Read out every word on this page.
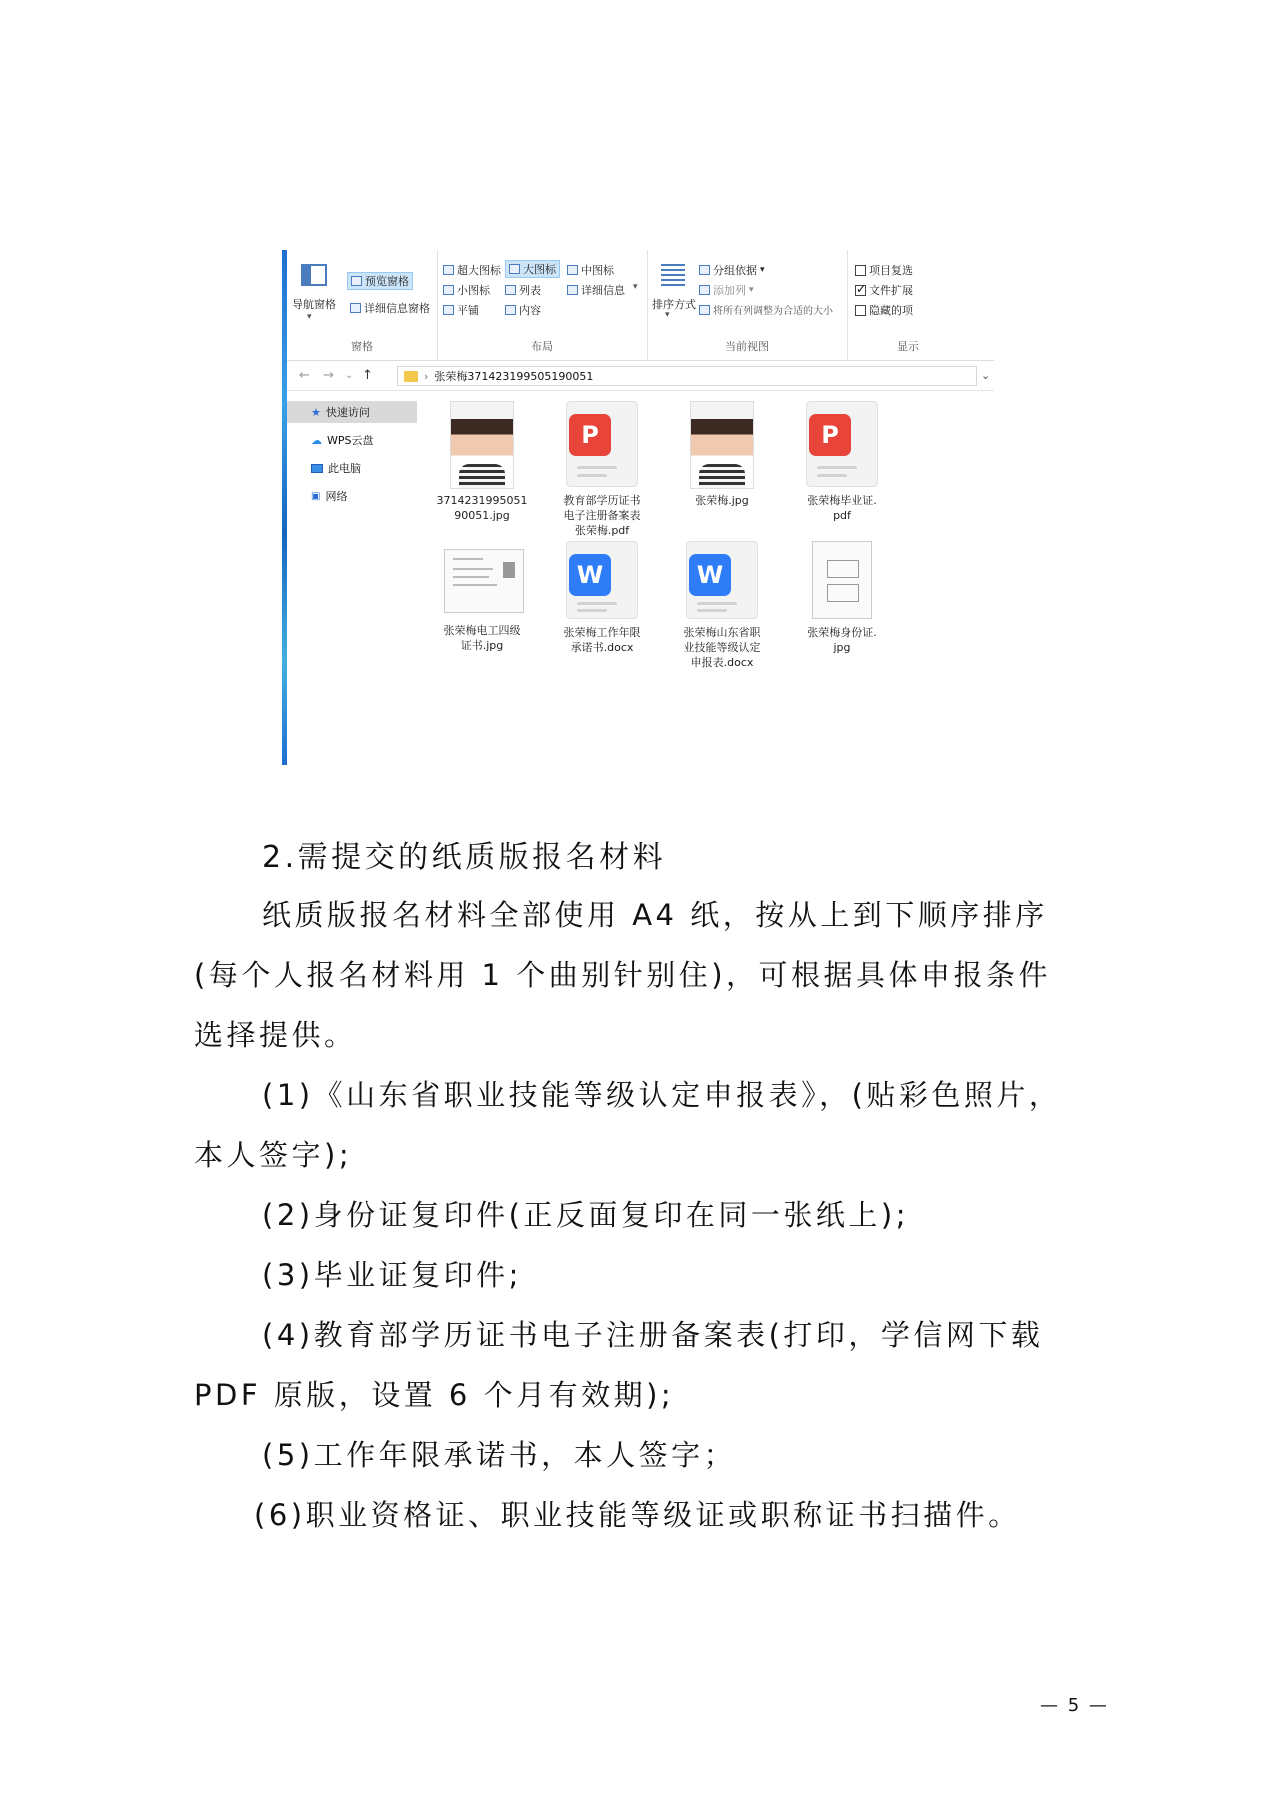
导航窗格
▾
预览窗格
详细信息窗格
窗格
超大图标 大图标 中图标
小图标	列表	详细信息
平铺	内容
▾
布局
排序方式
▾
分组依据 ▾
添加列 ▾
将所有列调整为合适的大小
当前视图
项目复选
✓
文件扩展
隐藏的项
显示
← → ⌄ ↑	› 张荣梅371423199505190051	⌄
★ 快速访问
☁ WPS云盘
此电脑
▣ 网络	3714231995051
90051.jpg
P
教育部学历证书
电子注册备案表
张荣梅.pdf
张荣梅.jpg
P
张荣梅毕业证.
pdf
张荣梅电工四级
证书.jpg
W
张荣梅工作年限
承诺书.docx
W
张荣梅山东省职
业技能等级认定
申报表.docx
张荣梅身份证.
jpg

2.需提交的纸质版报名材料

纸质版报名材料全部使用 A4 纸，按从上到下顺序排序

(每个人报名材料用 1 个曲别针别住)，可根据具体申报条件

选择提供。

(1)《山东省职业技能等级认定申报表》，(贴彩色照片，

本人签字);

(2)身份证复印件(正反面复印在同一张纸上);

(3)毕业证复印件;

(4)教育部学历证书电子注册备案表(打印，学信网下载

PDF 原版，设置 6 个月有效期);

(5)工作年限承诺书，本人签字；

(6)职业资格证、职业技能等级证或职称证书扫描件。

— 5 —
